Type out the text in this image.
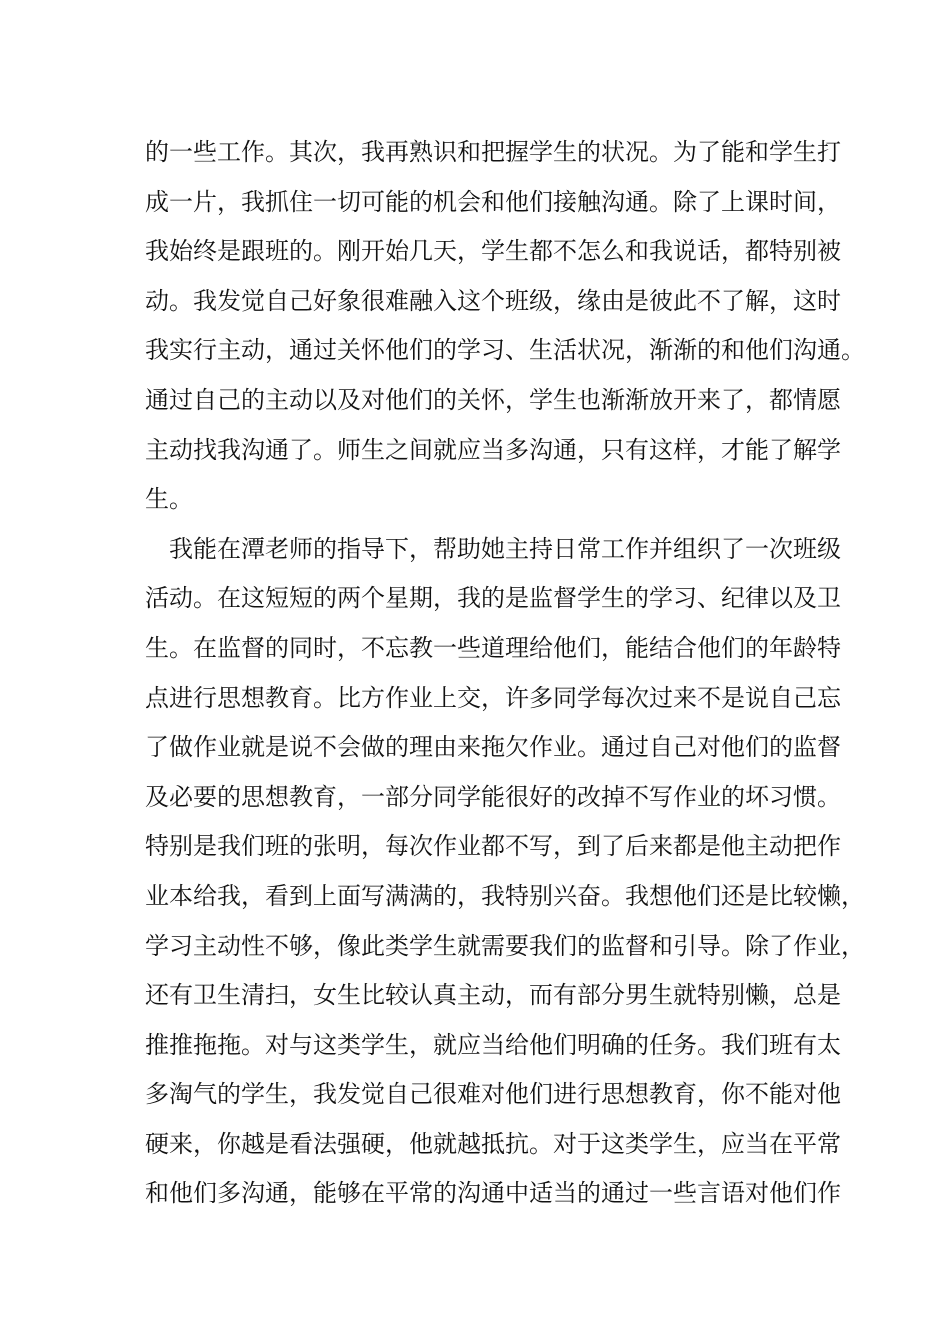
的一些工作。其次，我再熟识和把握学生的状况。为了能和学生打
成一片，我抓住一切可能的机会和他们接触沟通。除了上课时间，
我始终是跟班的。刚开始几天，学生都不怎么和我说话，都特别被
动。我发觉自己好象很难融入这个班级，缘由是彼此不了解，这时
我实行主动，通过关怀他们的学习、生活状况，渐渐的和他们沟通。
通过自己的主动以及对他们的关怀，学生也渐渐放开来了，都情愿
主动找我沟通了。师生之间就应当多沟通，只有这样，才能了解学
生。
我能在潭老师的指导下，帮助她主持日常工作并组织了一次班级
活动。在这短短的两个星期，我的是监督学生的学习、纪律以及卫
生。在监督的同时，不忘教一些道理给他们，能结合他们的年龄特
点进行思想教育。比方作业上交，许多同学每次过来不是说自己忘
了做作业就是说不会做的理由来拖欠作业。通过自己对他们的监督
及必要的思想教育，一部分同学能很好的改掉不写作业的坏习惯。
特别是我们班的张明，每次作业都不写，到了后来都是他主动把作
业本给我，看到上面写满满的，我特别兴奋。我想他们还是比较懒，
学习主动性不够，像此类学生就需要我们的监督和引导。除了作业，
还有卫生清扫，女生比较认真主动，而有部分男生就特别懒，总是
推推拖拖。对与这类学生，就应当给他们明确的任务。我们班有太
多淘气的学生，我发觉自己很难对他们进行思想教育，你不能对他
硬来，你越是看法强硬，他就越抵抗。对于这类学生，应当在平常
和他们多沟通，能够在平常的沟通中适当的通过一些言语对他们作
